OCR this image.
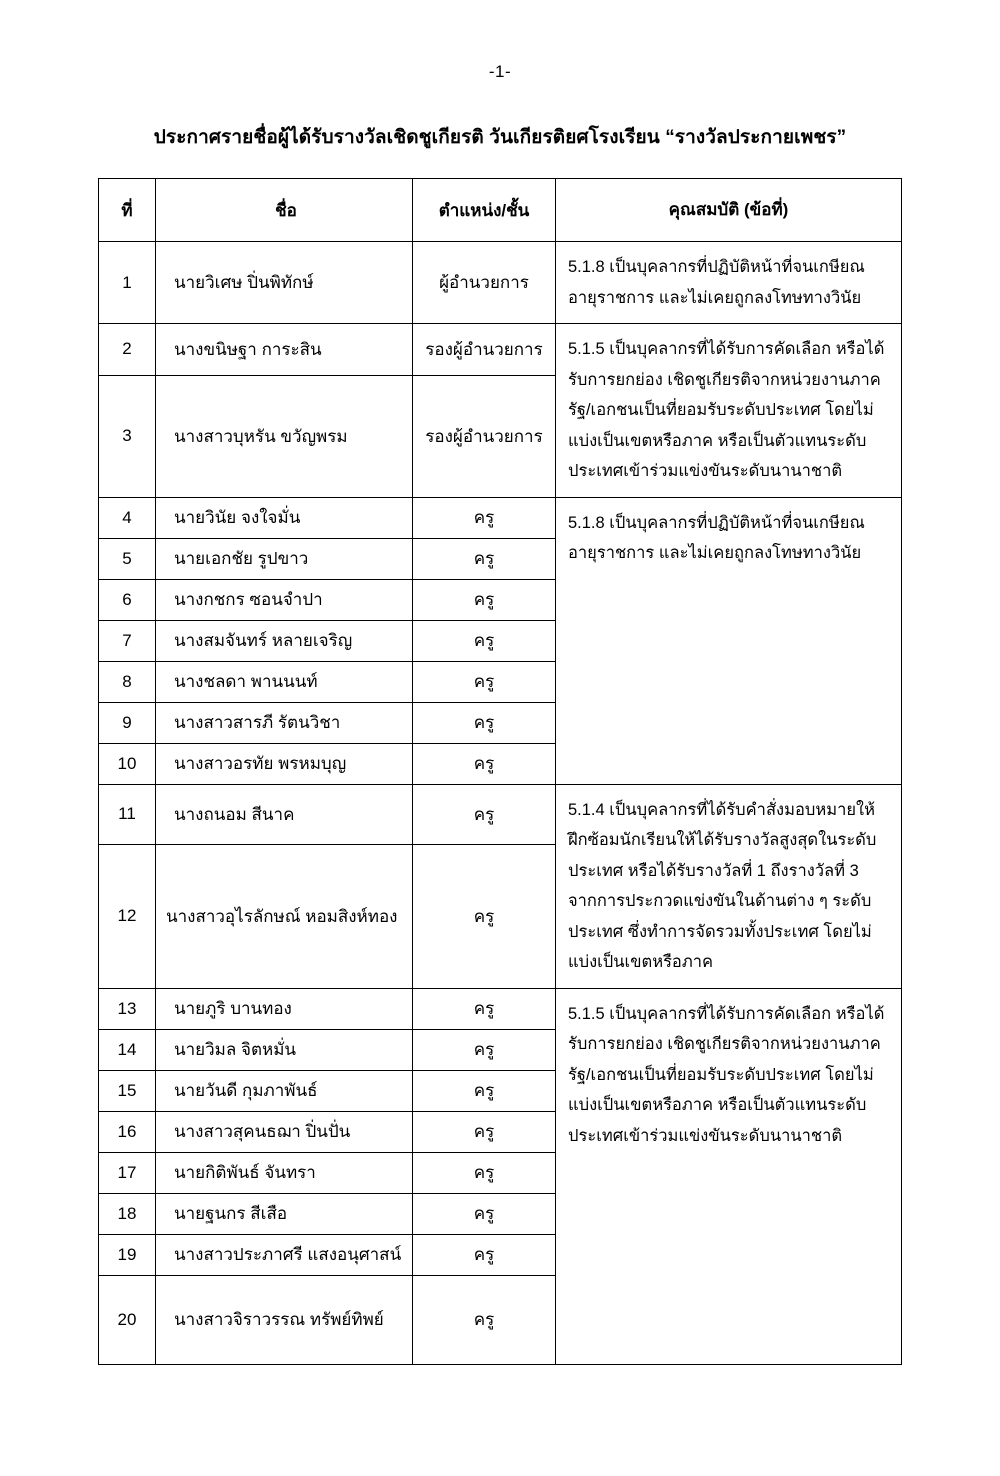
-1-
ประกาศรายชื่อผู้ได้รับรางวัลเชิดชูเกียรติ วันเกียรติยศโรงเรียน “รางวัลประกายเพชร”
ที่	ชื่อ	ตำแหน่ง/ชั้น	คุณสมบัติ (ข้อที่)
1	นายวิเศษ ปิ่นพิทักษ์	ผู้อำนวยการ	5.1.8 เป็นบุคลากรที่ปฏิบัติหน้าที่จนเกษียณอายุราชการ และไม่เคยถูกลงโทษทางวินัย
2	นางขนิษฐา การะสิน	รองผู้อำนวยการ	5.1.5 เป็นบุคลากรที่ได้รับการคัดเลือก หรือได้รับการยกย่อง เชิดชูเกียรติจากหน่วยงานภาครัฐ/เอกชนเป็นที่ยอมรับระดับประเทศ โดยไม่แบ่งเป็นเขตหรือภาค หรือเป็นตัวแทนระดับประเทศเข้าร่วมแข่งขันระดับนานาชาติ
3	นางสาวบุหรัน ขวัญพรม	รองผู้อำนวยการ	
4	นายวินัย จงใจมั่น	ครู	5.1.8 เป็นบุคลากรที่ปฏิบัติหน้าที่จนเกษียณอายุราชการ และไม่เคยถูกลงโทษทางวินัย
5	นายเอกชัย รูปขาว	ครู	
6	นางกชกร ซอนจำปา	ครู	
7	นางสมจันทร์ หลายเจริญ	ครู	
8	นางชลดา พานนนท์	ครู	
9	นางสาวสารภี รัตนวิชา	ครู	
10	นางสาวอรทัย พรหมบุญ	ครู	
11	นางถนอม สีนาค	ครู	5.1.4 เป็นบุคลากรที่ได้รับคำสั่งมอบหมายให้ฝึกซ้อมนักเรียนให้ได้รับรางวัลสูงสุดในระดับประเทศ หรือได้รับรางวัลที่ 1 ถึงรางวัลที่ 3 จากการประกวดแข่งขันในด้านต่าง ๆ ระดับประเทศ ซึ่งทำการจัดรวมทั้งประเทศ โดยไม่แบ่งเป็นเขตหรือภาค
12	นางสาวอุไรลักษณ์ หอมสิงห์ทอง	ครู	
13	นายภูริ บานทอง	ครู	5.1.5 เป็นบุคลากรที่ได้รับการคัดเลือก หรือได้รับการยกย่อง เชิดชูเกียรติจากหน่วยงานภาครัฐ/เอกชนเป็นที่ยอมรับระดับประเทศ โดยไม่แบ่งเป็นเขตหรือภาค หรือเป็นตัวแทนระดับประเทศเข้าร่วมแข่งขันระดับนานาชาติ
14	นายวิมล จิตหมั่น	ครู	
15	นายวันดี กุมภาพันธ์	ครู	
16	นางสาวสุคนธฌา ปิ่นปั่น	ครู	
17	นายกิติพันธ์ จันทรา	ครู	
18	นายฐนกร สีเสือ	ครู	
19	นางสาวประภาศรี แสงอนุศาสน์	ครู	
20	นางสาวจิราวรรณ ทรัพย์ทิพย์	ครู	
